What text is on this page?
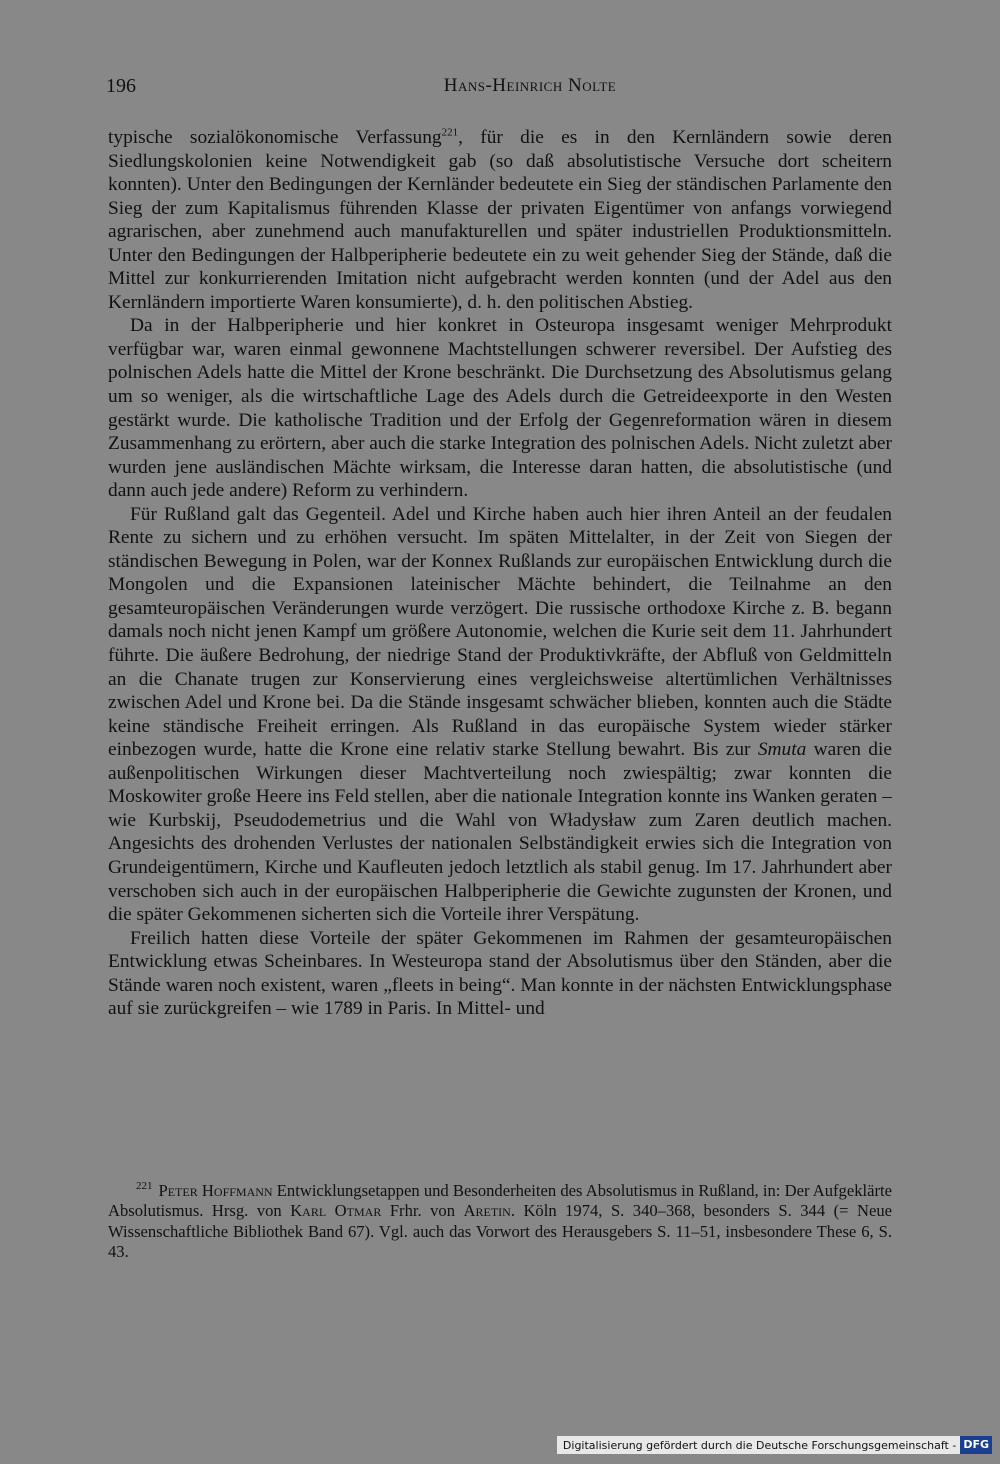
196	Hans-Heinrich Nolte

typische sozialökonomische Verfassung$^{221}$, für die es in den Kernländern sowie deren Siedlungskolonien keine Notwendigkeit gab (so daß absolutistische Versuche dort scheitern konnten). Unter den Bedingungen der Kernländer bedeutete ein Sieg der ständischen Parlamente den Sieg der zum Kapitalismus führenden Klasse der privaten Eigentümer von anfangs vorwiegend agrarischen, aber zunehmend auch manufakturellen und später industriellen Produktionsmitteln. Unter den Bedingungen der Halbperipherie bedeutete ein zu weit gehender Sieg der Stände, daß die Mittel zur konkurrierenden Imitation nicht aufgebracht werden konnten (und der Adel aus den Kernländern importierte Waren konsumierte), d. h. den politischen Abstieg.

Da in der Halbperipherie und hier konkret in Osteuropa insgesamt weniger Mehrprodukt verfügbar war, waren einmal gewonnene Machtstellungen schwerer reversibel. Der Aufstieg des polnischen Adels hatte die Mittel der Krone beschränkt. Die Durchsetzung des Absolutismus gelang um so weniger, als die wirtschaftliche Lage des Adels durch die Getreideexporte in den Westen gestärkt wurde. Die katholische Tradition und der Erfolg der Gegenreformation wären in diesem Zusammenhang zu erörtern, aber auch die starke Integration des polnischen Adels. Nicht zuletzt aber wurden jene ausländischen Mächte wirksam, die Interesse daran hatten, die absolutistische (und dann auch jede andere) Reform zu verhindern.

Für Rußland galt das Gegenteil. Adel und Kirche haben auch hier ihren Anteil an der feudalen Rente zu sichern und zu erhöhen versucht. Im späten Mittelalter, in der Zeit von Siegen der ständischen Bewegung in Polen, war der Konnex Rußlands zur europäischen Entwicklung durch die Mongolen und die Expansionen lateinischer Mächte behindert, die Teilnahme an den gesamteuropäischen Veränderungen wurde verzögert. Die russische orthodoxe Kirche z. B. begann damals noch nicht jenen Kampf um größere Autonomie, welchen die Kurie seit dem 11. Jahrhundert führte. Die äußere Bedrohung, der niedrige Stand der Produktivkräfte, der Abfluß von Geldmitteln an die Chanate trugen zur Konservierung eines vergleichsweise altertümlichen Verhältnisses zwischen Adel und Krone bei. Da die Stände insgesamt schwächer blieben, konnten auch die Städte keine ständische Freiheit erringen. Als Rußland in das europäische System wieder stärker einbezogen wurde, hatte die Krone eine relativ starke Stellung bewahrt. Bis zur Smuta waren die außenpolitischen Wirkungen dieser Machtverteilung noch zwiespältig; zwar konnten die Moskowiter große Heere ins Feld stellen, aber die nationale Integration konnte ins Wanken geraten – wie Kurbskij, Pseudodemetrius und die Wahl von Władysław zum Zaren deutlich machen. Angesichts des drohenden Verlustes der nationalen Selbständigkeit erwies sich die Integration von Grundeigentümern, Kirche und Kaufleuten jedoch letztlich als stabil genug. Im 17. Jahrhundert aber verschoben sich auch in der europäischen Halbperipherie die Gewichte zugunsten der Kronen, und die später Gekommenen sicherten sich die Vorteile ihrer Verspätung.

Freilich hatten diese Vorteile der später Gekommenen im Rahmen der gesamteuropäischen Entwicklung etwas Scheinbares. In Westeuropa stand der Absolutismus über den Ständen, aber die Stände waren noch existent, waren „fleets in being“. Man konnte in der nächsten Entwicklungsphase auf sie zurückgreifen – wie 1789 in Paris. In Mittel- und

$^{221}$ Peter Hoffmann Entwicklungsetappen und Besonderheiten des Absolutismus in Rußland, in: Der Aufgeklärte Absolutismus. Hrsg. von Karl Otmar Frhr. von Aretin. Köln 1974, S. 340–368, besonders S. 344 (= Neue Wissenschaftliche Bibliothek Band 67). Vgl. auch das Vorwort des Herausgebers S. 11–51, insbesondere These 6, S. 43.

Digitalisierung gefördert durch die Deutsche Forschungsgemeinschaft - DFG
